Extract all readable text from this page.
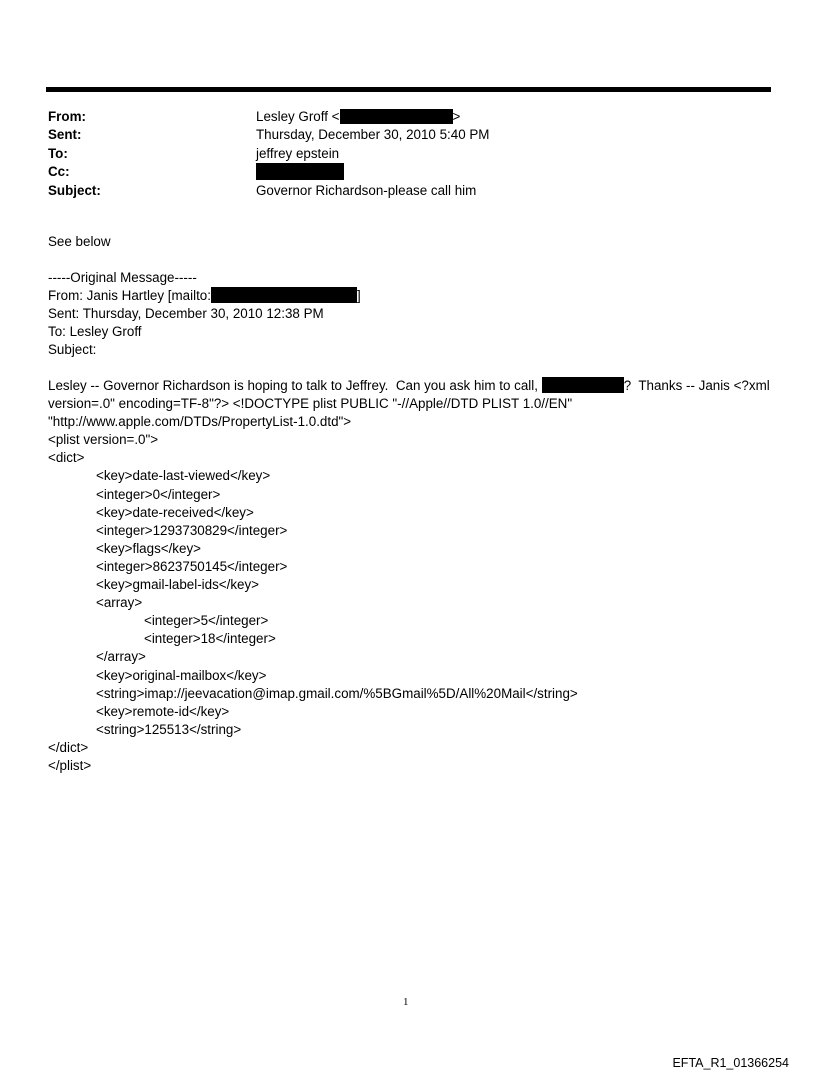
From:	Lesley Groff <	>
Sent:	Thursday, December 30, 2010 5:40 PM
To:	jeffrey epstein
Cc:
Subject:	Governor Richardson-please call him
See below
-----Original Message-----
From: Janis Hartley [mailto:	]
Sent: Thursday, December 30, 2010 12:38 PM
To: Lesley Groff
Subject:
Lesley -- Governor Richardson is hoping to talk to Jeffrey.  Can you ask him to call,	?  Thanks -- Janis <?xml
version=.0" encoding=TF-8"?> <!DOCTYPE plist PUBLIC "-//Apple//DTD PLIST 1.0//EN"
"http://www.apple.com/DTDs/PropertyList-1.0.dtd">
<plist version=.0">
<dict>
<key>date-last-viewed</key>
<integer>0</integer>
<key>date-received</key>
<integer>1293730829</integer>
<key>flags</key>
<integer>8623750145</integer>
<key>gmail-label-ids</key>
<array>
<integer>5</integer>
<integer>18</integer>
</array>
<key>original-mailbox</key>
<string>imap://jeevacation@imap.gmail.com/%5BGmail%5D/All%20Mail</string>
<key>remote-id</key>
<string>125513</string>
</dict>
</plist>
1
EFTA_R1_01366254
